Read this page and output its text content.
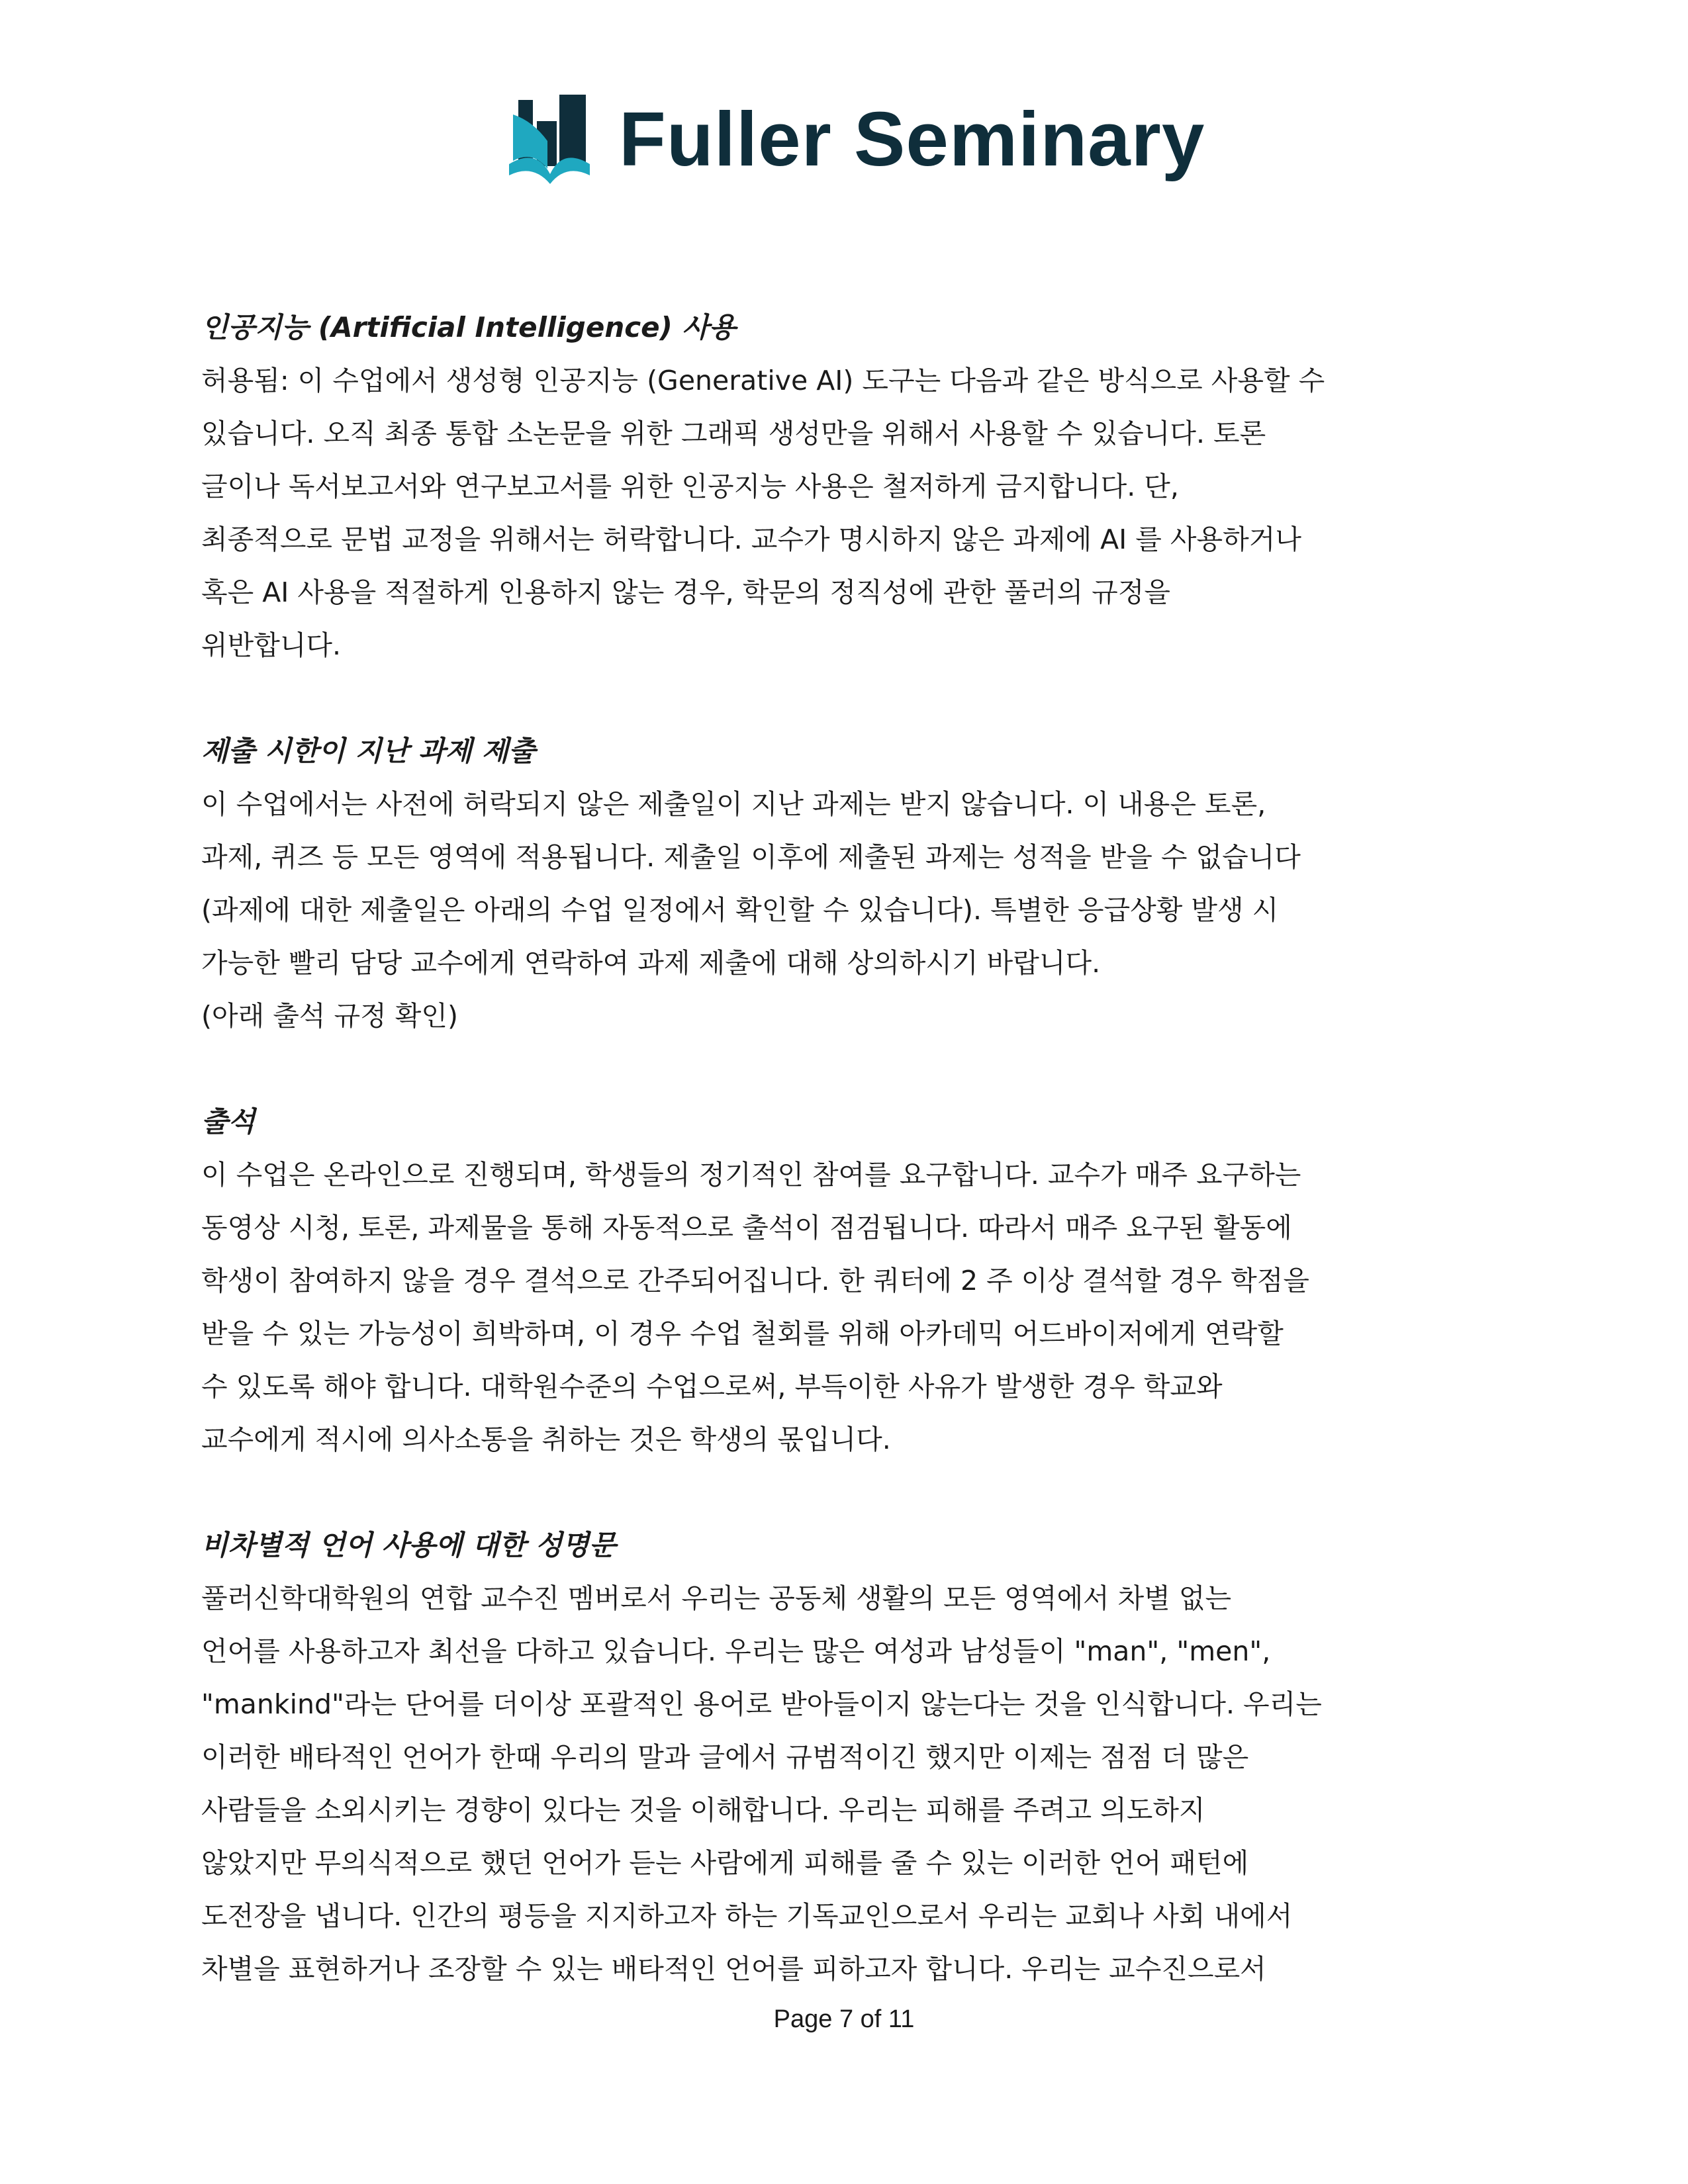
Fuller Seminary
인공지능 (Artificial Intelligence) 사용
허용됨: 이 수업에서 생성형 인공지능 (Generative AI) 도구는 다음과 같은 방식으로 사용할 수
있습니다. 오직 최종 통합 소논문을 위한 그래픽 생성만을 위해서 사용할 수 있습니다. 토론
글이나 독서보고서와 연구보고서를 위한 인공지능 사용은 철저하게 금지합니다. 단,
최종적으로 문법 교정을 위해서는 허락합니다. 교수가 명시하지 않은 과제에 AI 를 사용하거나
혹은 AI 사용을 적절하게 인용하지 않는 경우, 학문의 정직성에 관한 풀러의 규정을
위반합니다.
제출 시한이 지난 과제 제출
이 수업에서는 사전에 허락되지 않은 제출일이 지난 과제는 받지 않습니다. 이 내용은 토론,
과제, 퀴즈 등 모든 영역에 적용됩니다. 제출일 이후에 제출된 과제는 성적을 받을 수 없습니다
(과제에 대한 제출일은 아래의 수업 일정에서 확인할 수 있습니다). 특별한 응급상황 발생 시
가능한 빨리 담당 교수에게 연락하여 과제 제출에 대해 상의하시기 바랍니다.
(아래 출석 규정 확인)
출석
이 수업은 온라인으로 진행되며, 학생들의 정기적인 참여를 요구합니다. 교수가 매주 요구하는
동영상 시청, 토론, 과제물을 통해 자동적으로 출석이 점검됩니다. 따라서 매주 요구된 활동에
학생이 참여하지 않을 경우 결석으로 간주되어집니다. 한 쿼터에 2 주 이상 결석할 경우 학점을
받을 수 있는 가능성이 희박하며, 이 경우 수업 철회를 위해 아카데믹 어드바이저에게 연락할
수 있도록 해야 합니다. 대학원수준의 수업으로써, 부득이한 사유가 발생한 경우 학교와
교수에게 적시에 의사소통을 취하는 것은 학생의 몫입니다.
비차별적 언어 사용에 대한 성명문
풀러신학대학원의 연합 교수진 멤버로서 우리는 공동체 생활의 모든 영역에서 차별 없는
언어를 사용하고자 최선을 다하고 있습니다. 우리는 많은 여성과 남성들이 "man", "men",
"mankind"라는 단어를 더이상 포괄적인 용어로 받아들이지 않는다는 것을 인식합니다. 우리는
이러한 배타적인 언어가 한때 우리의 말과 글에서 규범적이긴 했지만 이제는 점점 더 많은
사람들을 소외시키는 경향이 있다는 것을 이해합니다. 우리는 피해를 주려고 의도하지
않았지만 무의식적으로 했던 언어가 듣는 사람에게 피해를 줄 수 있는 이러한 언어 패턴에
도전장을 냅니다. 인간의 평등을 지지하고자 하는 기독교인으로서 우리는 교회나 사회 내에서
차별을 표현하거나 조장할 수 있는 배타적인 언어를 피하고자 합니다. 우리는 교수진으로서
Page 7 of 11
